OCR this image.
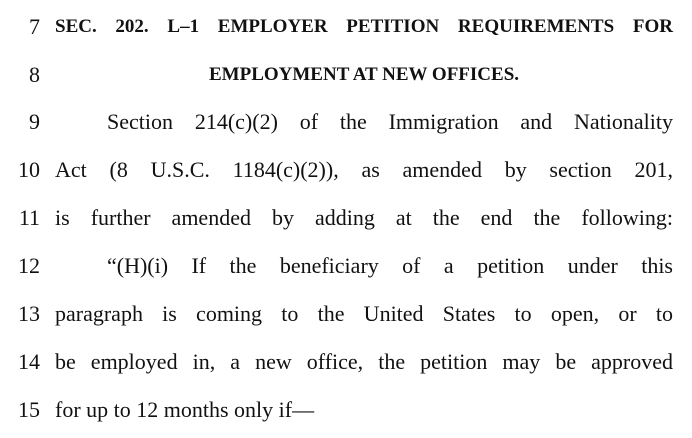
7 SEC. 202. L–1 EMPLOYER PETITION REQUIREMENTS FOR
8	EMPLOYMENT AT NEW OFFICES.
9	Section 214(c)(2) of the Immigration and Nationality
10 Act (8 U.S.C. 1184(c)(2)), as amended by section 201,
11 is further amended by adding at the end the following:
12	“(H)(i) If the beneficiary of a petition under this
13 paragraph is coming to the United States to open, or to
14 be employed in, a new office, the petition may be approved
15 for up to 12 months only if—
